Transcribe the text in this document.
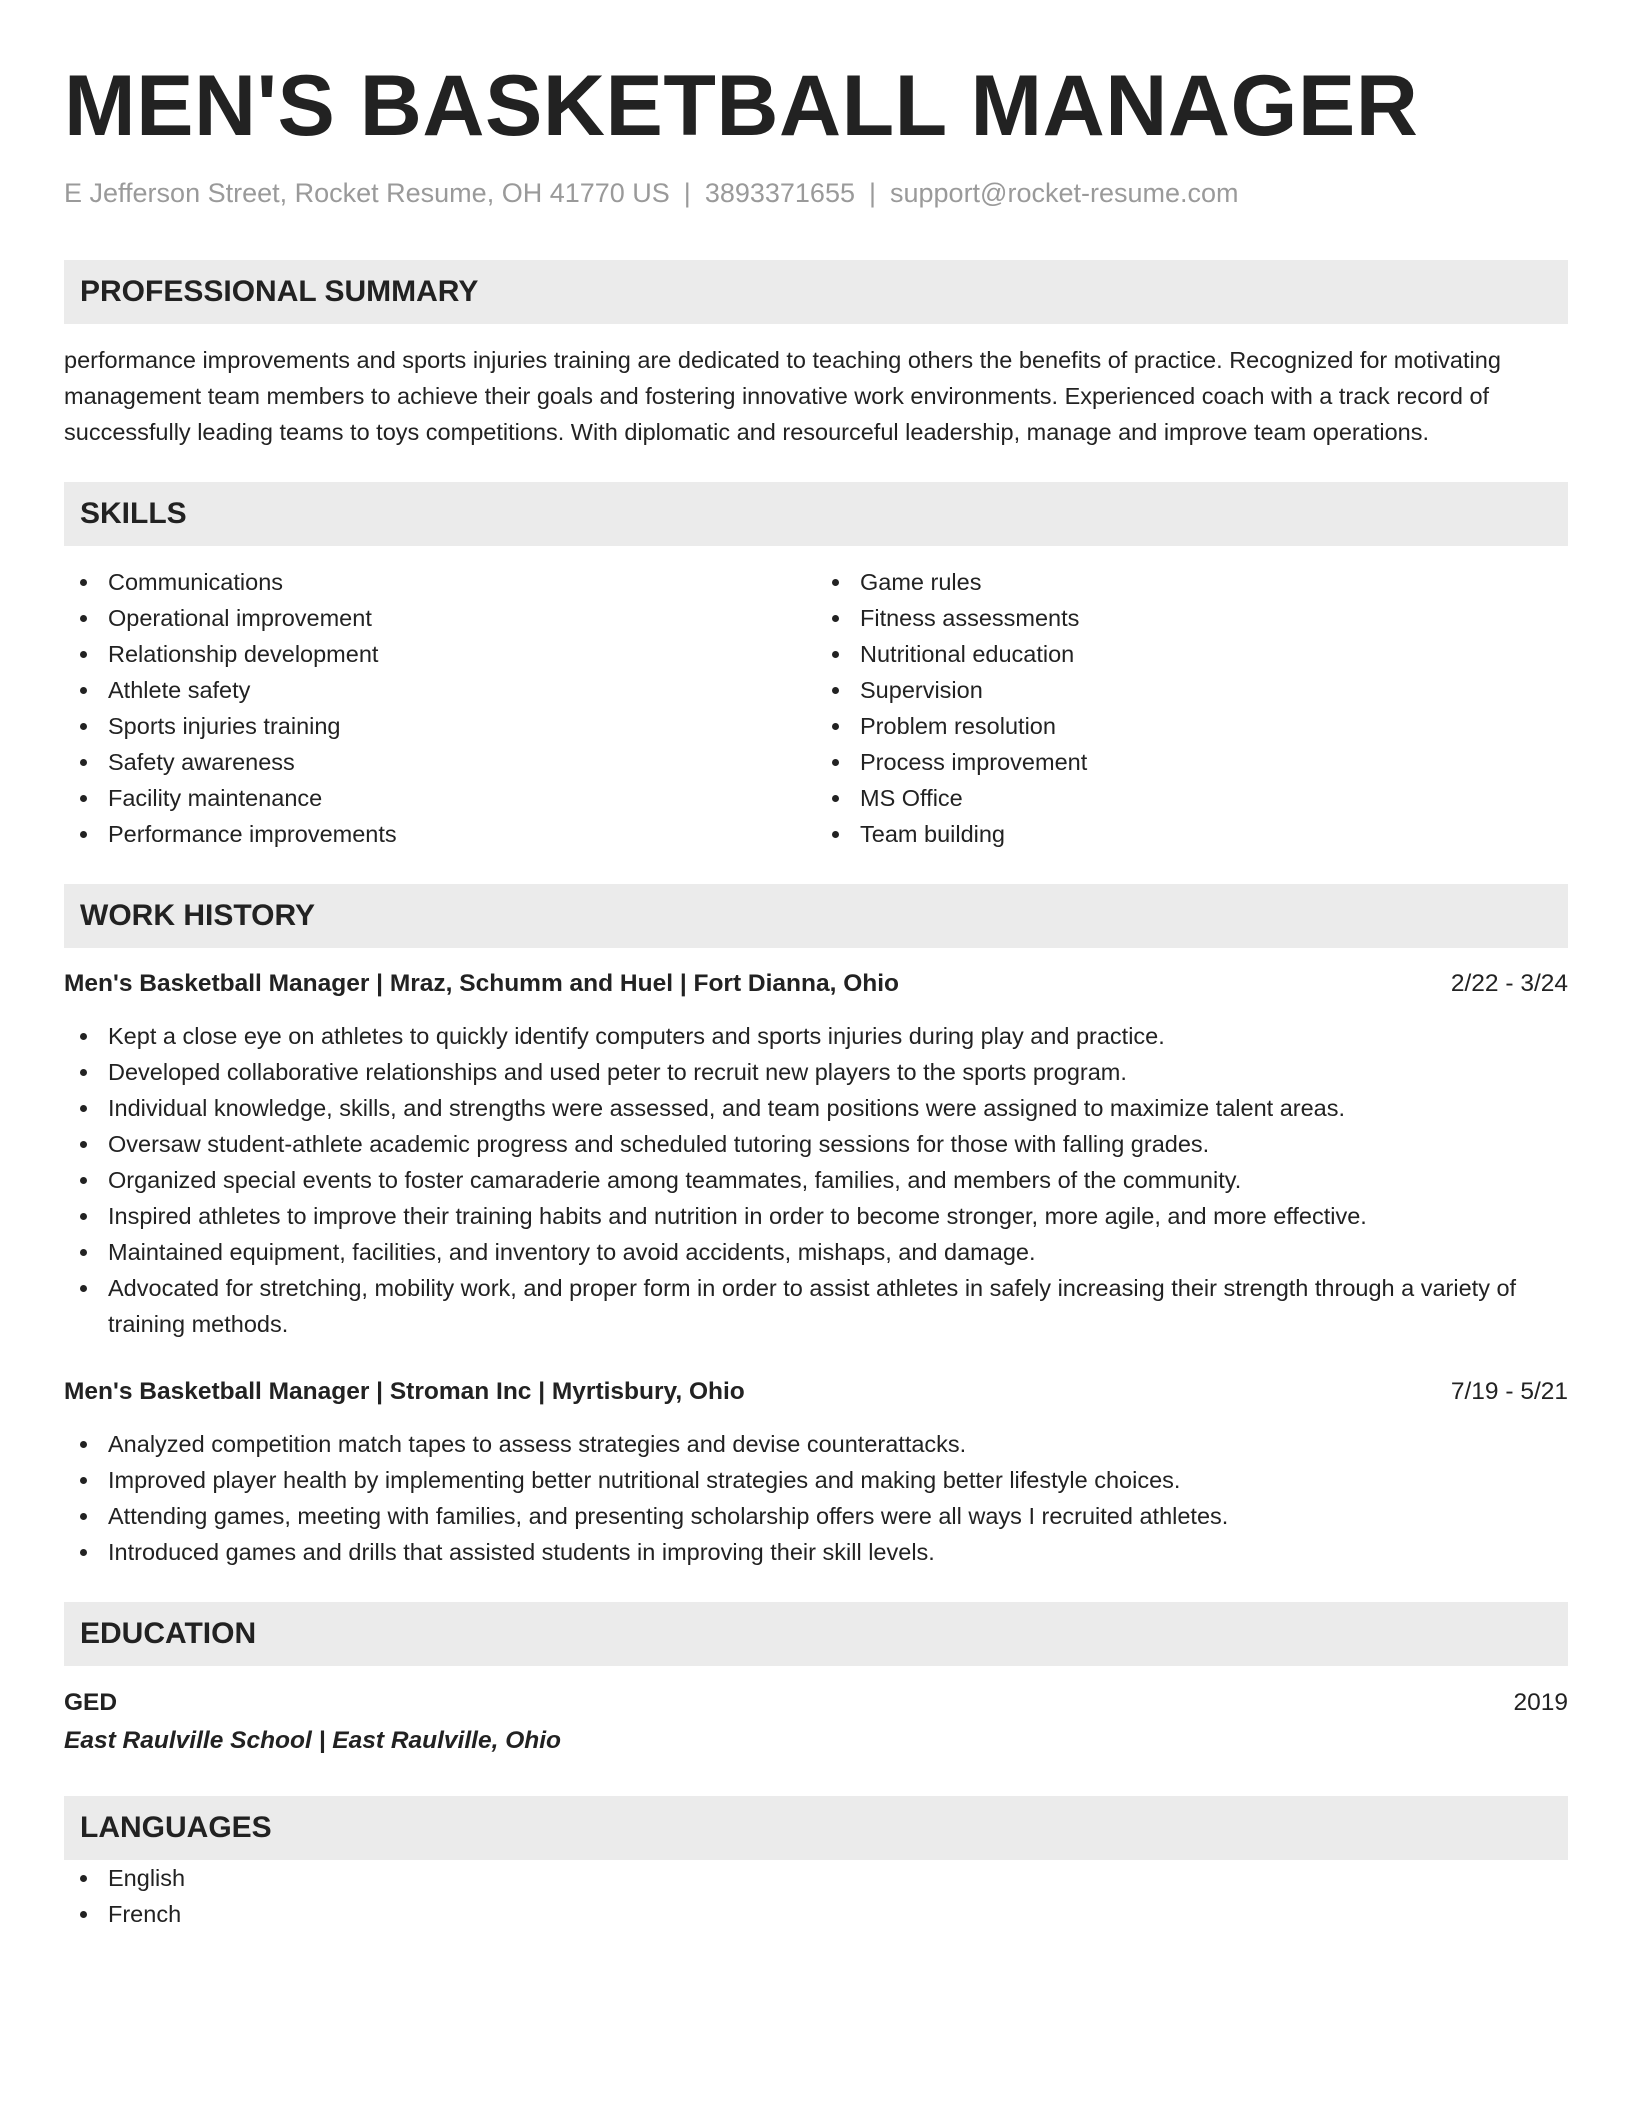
MEN'S BASKETBALL MANAGER
E Jefferson Street, Rocket Resume, OH 41770 US | 3893371655 | support@rocket-resume.com
PROFESSIONAL SUMMARY
performance improvements and sports injuries training are dedicated to teaching others the benefits of practice. Recognized for motivating management team members to achieve their goals and fostering innovative work environments. Experienced coach with a track record of successfully leading teams to toys competitions. With diplomatic and resourceful leadership, manage and improve team operations.
SKILLS
Communications
Operational improvement
Relationship development
Athlete safety
Sports injuries training
Safety awareness
Facility maintenance
Performance improvements
Game rules
Fitness assessments
Nutritional education
Supervision
Problem resolution
Process improvement
MS Office
Team building
WORK HISTORY
Men's Basketball Manager | Mraz, Schumm and Huel | Fort Dianna, Ohio	2/22 - 3/24
Kept a close eye on athletes to quickly identify computers and sports injuries during play and practice.
Developed collaborative relationships and used peter to recruit new players to the sports program.
Individual knowledge, skills, and strengths were assessed, and team positions were assigned to maximize talent areas.
Oversaw student-athlete academic progress and scheduled tutoring sessions for those with falling grades.
Organized special events to foster camaraderie among teammates, families, and members of the community.
Inspired athletes to improve their training habits and nutrition in order to become stronger, more agile, and more effective.
Maintained equipment, facilities, and inventory to avoid accidents, mishaps, and damage.
Advocated for stretching, mobility work, and proper form in order to assist athletes in safely increasing their strength through a variety of training methods.
Men's Basketball Manager | Stroman Inc | Myrtisbury, Ohio	7/19 - 5/21
Analyzed competition match tapes to assess strategies and devise counterattacks.
Improved player health by implementing better nutritional strategies and making better lifestyle choices.
Attending games, meeting with families, and presenting scholarship offers were all ways I recruited athletes.
Introduced games and drills that assisted students in improving their skill levels.
EDUCATION
GED	2019
East Raulville School | East Raulville, Ohio
LANGUAGES
English
French
